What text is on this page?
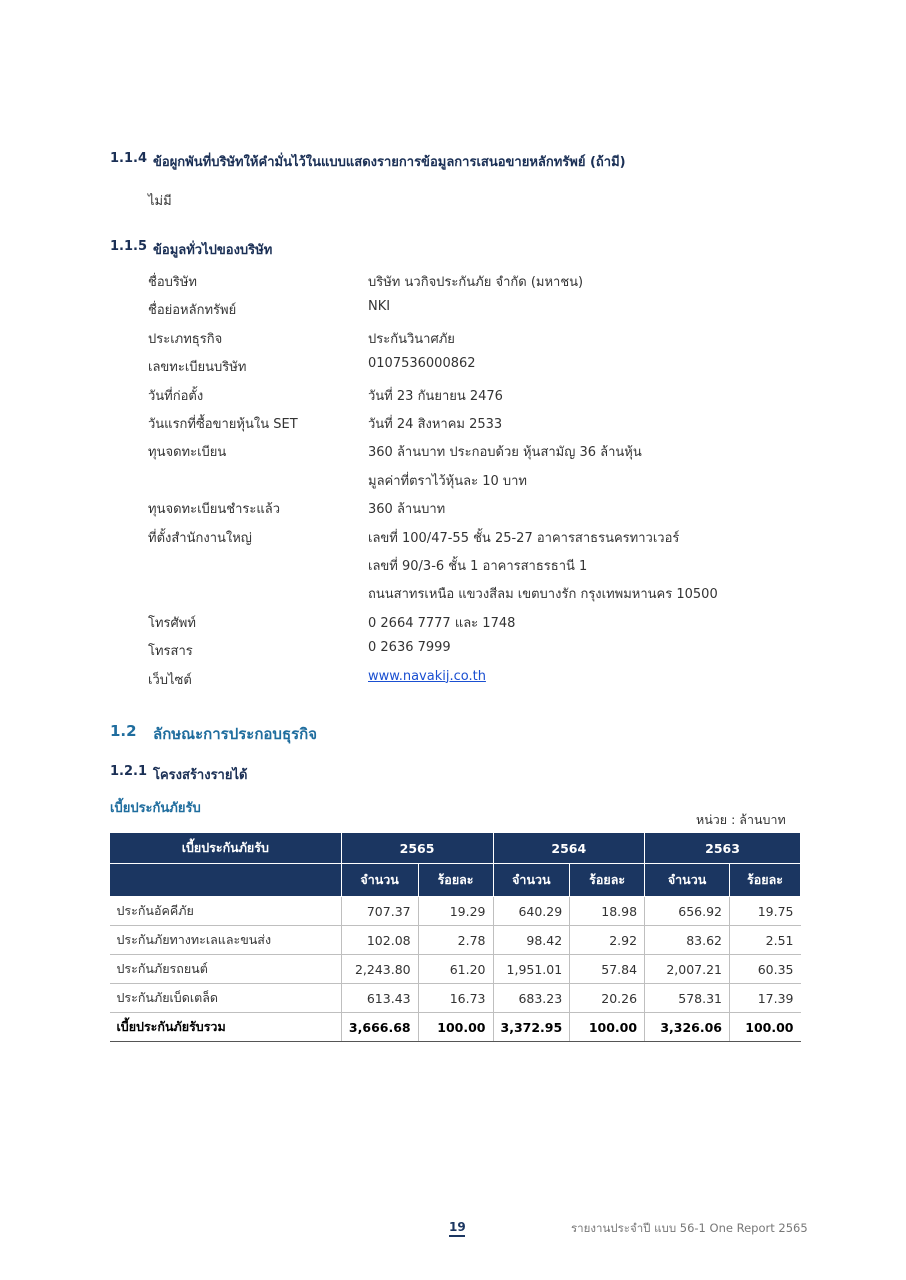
1.1.4 ข้อผูกพันที่บริษัทให้คำมั่นไว้ในแบบแสดงรายการข้อมูลการเสนอขายหลักทรัพย์ (ถ้ามี)
ไม่มี
1.1.5 ข้อมูลทั่วไปของบริษัท
ชื่อบริษัท	บริษัท นวกิจประกันภัย จำกัด (มหาชน)
ชื่อย่อหลักทรัพย์	NKI
ประเภทธุรกิจ	ประกันวินาศภัย
เลขทะเบียนบริษัท	0107536000862
วันที่ก่อตั้ง	วันที่ 23 กันยายน 2476
วันแรกที่ซื้อขายหุ้นใน SET	วันที่ 24 สิงหาคม 2533
ทุนจดทะเบียน	360 ล้านบาท ประกอบด้วย หุ้นสามัญ 36 ล้านหุ้น
มูลค่าที่ตราไว้หุ้นละ 10 บาท
ทุนจดทะเบียนชำระแล้ว	360 ล้านบาท
ที่ตั้งสำนักงานใหญ่	เลขที่ 100/47-55 ชั้น 25-27 อาคารสาธรนครทาวเวอร์
เลขที่ 90/3-6 ชั้น 1 อาคารสาธรธานี 1
ถนนสาทรเหนือ แขวงสีลม เขตบางรัก กรุงเทพมหานคร 10500
โทรศัพท์	0 2664 7777 และ 1748
โทรสาร	0 2636 7999
เว็บไซต์	www.navakij.co.th
1.2 ลักษณะการประกอบธุรกิจ
1.2.1 โครงสร้างรายได้
เบี้ยประกันภัยรับ
หน่วย : ล้านบาท
เบี้ยประกันภัยรับ	2565		2564		2563	
	จำนวน	ร้อยละ	จำนวน	ร้อยละ	จำนวน	ร้อยละ
ประกันอัคคีภัย	707.37	19.29	640.29	18.98	656.92	19.75
ประกันภัยทางทะเลและขนส่ง	102.08	2.78	98.42	2.92	83.62	2.51
ประกันภัยรถยนต์	2,243.80	61.20	1,951.01	57.84	2,007.21	60.35
ประกันภัยเบ็ดเตล็ด	613.43	16.73	683.23	20.26	578.31	17.39
เบี้ยประกันภัยรับรวม	3,666.68	100.00	3,372.95	100.00	3,326.06	100.00
19	รายงานประจำปี แบบ 56-1 One Report 2565
